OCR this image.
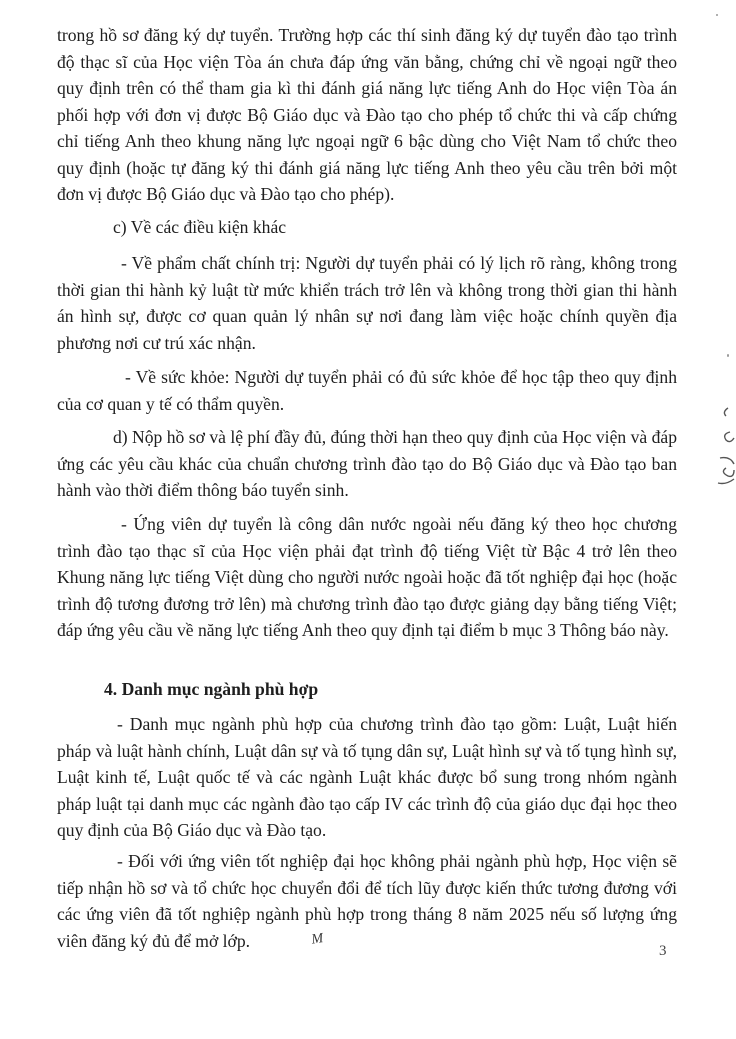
trong hồ sơ đăng ký dự tuyển. Trường hợp các thí sinh đăng ký dự tuyển đào tạo trình độ thạc sĩ của Học viện Tòa án chưa đáp ứng văn bằng, chứng chỉ về ngoại ngữ theo quy định trên có thể tham gia kì thi đánh giá năng lực tiếng Anh do Học viện Tòa án phối hợp với đơn vị được Bộ Giáo dục và Đào tạo cho phép tổ chức thi và cấp chứng chỉ tiếng Anh theo khung năng lực ngoại ngữ 6 bậc dùng cho Việt Nam tổ chức theo quy định (hoặc tự đăng ký thi đánh giá năng lực tiếng Anh theo yêu cầu trên bởi một đơn vị được Bộ Giáo dục và Đào tạo cho phép).

c) Về các điều kiện khác

- Về phẩm chất chính trị: Người dự tuyển phải có lý lịch rõ ràng, không trong thời gian thi hành kỷ luật từ mức khiển trách trở lên và không trong thời gian thi hành án hình sự, được cơ quan quản lý nhân sự nơi đang làm việc hoặc chính quyền địa phương nơi cư trú xác nhận.

- Về sức khỏe: Người dự tuyển phải có đủ sức khỏe để học tập theo quy định của cơ quan y tế có thẩm quyền.

d) Nộp hồ sơ và lệ phí đầy đủ, đúng thời hạn theo quy định của Học viện và đáp ứng các yêu cầu khác của chuẩn chương trình đào tạo do Bộ Giáo dục và Đào tạo ban hành vào thời điểm thông báo tuyển sinh.

- Ứng viên dự tuyển là công dân nước ngoài nếu đăng ký theo học chương trình đào tạo thạc sĩ của Học viện phải đạt trình độ tiếng Việt từ Bậc 4 trở lên theo Khung năng lực tiếng Việt dùng cho người nước ngoài hoặc đã tốt nghiệp đại học (hoặc trình độ tương đương trở lên) mà chương trình đào tạo được giảng dạy bằng tiếng Việt; đáp ứng yêu cầu về năng lực tiếng Anh theo quy định tại điểm b mục 3 Thông báo này.

4. Danh mục ngành phù hợp

- Danh mục ngành phù hợp của chương trình đào tạo gồm: Luật, Luật hiến pháp và luật hành chính, Luật dân sự và tố tụng dân sự, Luật hình sự và tố tụng hình sự, Luật kinh tế, Luật quốc tế và các ngành Luật khác được bổ sung trong nhóm ngành pháp luật tại danh mục các ngành đào tạo cấp IV các trình độ của giáo dục đại học theo quy định của Bộ Giáo dục và Đào tạo.

- Đối với ứng viên tốt nghiệp đại học không phải ngành phù hợp, Học viện sẽ tiếp nhận hồ sơ và tổ chức học chuyển đổi để tích lũy được kiến thức tương đương với các ứng viên đã tốt nghiệp ngành phù hợp trong tháng 8 năm 2025 nếu số lượng ứng viên đăng ký đủ để mở lớp.	M

3
